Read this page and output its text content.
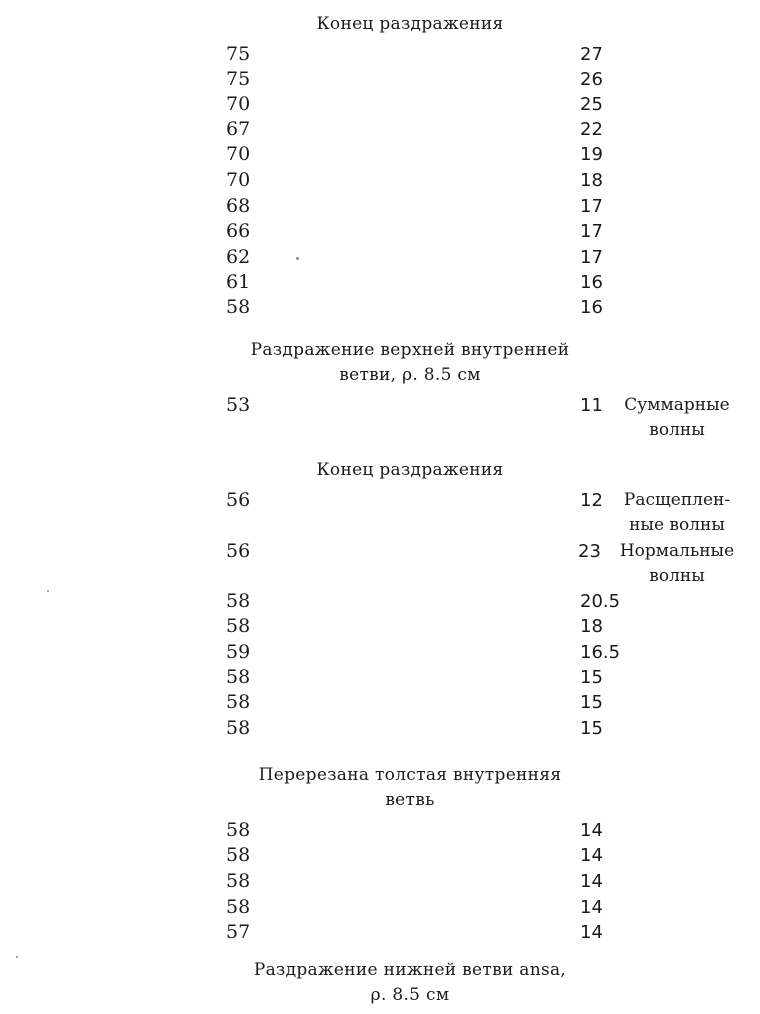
Конец раздражения
75	27
75	26
70	25
67	22
70	19
70	18
68	17
66	17
62	17
61	16
58	16
Раздражение верхней внутренней
ветви, ρ. 8.5 см
53	11	Суммарные
волны
Конец раздражения
56	12	Расщеплен-
ные волны
56	23	Нормальные
волны
58	20.5
58	18
59	16.5
58	15
58	15
58	15
Перерезана толстая внутренняя
ветвь
58	14
58	14
58	14
58	14
57	14
Раздражение нижней ветви ansa,
ρ. 8.5 см
